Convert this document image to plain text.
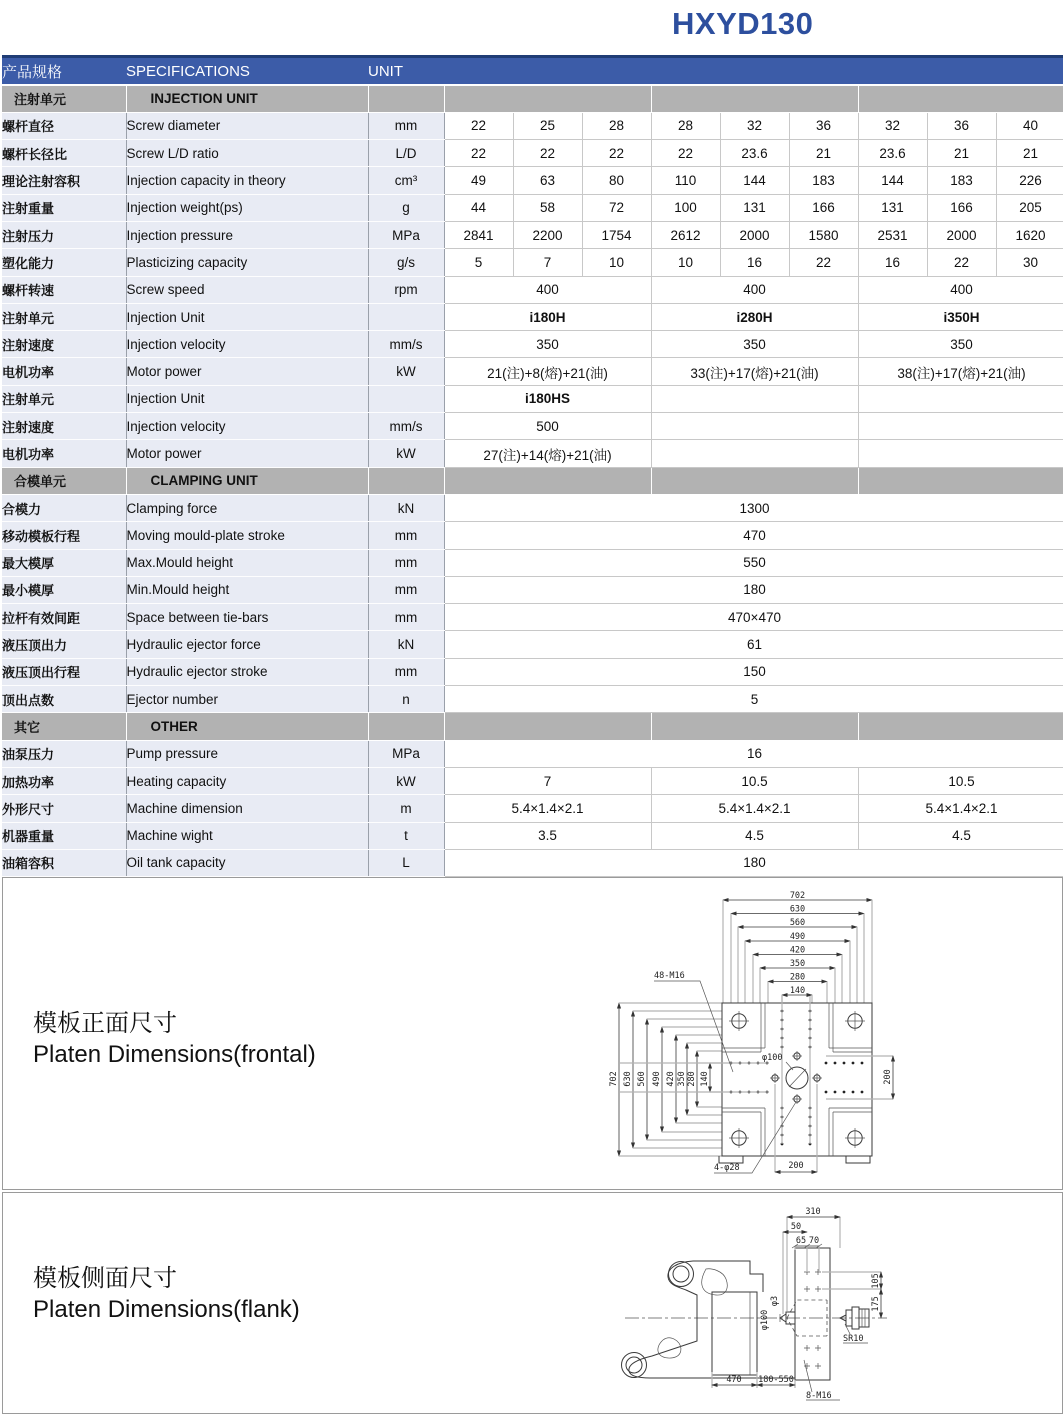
HXYD130
产品规格	SPECIFICATIONS	UNIT									
注射单元	INJECTION UNIT										
螺杆直径	Screw diameter	mm	22	25	28	28	32	36	32	36	40
螺杆长径比	Screw L/D ratio	L/D	22	22	22	22	23.6	21	23.6	21	21
理论注射容积	Injection capacity in theory	cm³	49	63	80	110	144	183	144	183	226
注射重量	Injection weight(ps)	g	44	58	72	100	131	166	131	166	205
注射压力	Injection pressure	MPa	2841	2200	1754	2612	2000	1580	2531	2000	1620
塑化能力	Plasticizing capacity	g/s	5	7	10	10	16	22	16	22	30
螺杆转速	Screw speed	rpm	400			400			400		
注射单元	Injection Unit		i180H			i280H			i350H		
注射速度	Injection velocity	mm/s	350			350			350		
电机功率	Motor power	kW	21(注)+8(熔)+21(油)			33(注)+17(熔)+21(油)			38(注)+17(熔)+21(油)		
注射单元	Injection Unit		i180HS								
注射速度	Injection velocity	mm/s	500								
电机功率	Motor power	kW	27(注)+14(熔)+21(油)								
合模单元	CLAMPING UNIT										
合模力	Clamping force	kN	1300								
移动模板行程	Moving mould-plate stroke	mm	470								
最大模厚	Max.Mould height	mm	550								
最小模厚	Min.Mould height	mm	180								
拉杆有效间距	Space between tie-bars	mm	470×470								
液压顶出力	Hydraulic ejector force	kN	61								
液压顶出行程	Hydraulic ejector stroke	mm	150								
顶出点数	Ejector number	n	5								
其它	OTHER										
油泵压力	Pump pressure	MPa	16								
加热功率	Heating capacity	kW	7			10.5			10.5		
外形尺寸	Machine dimension	m	5.4×1.4×2.1			5.4×1.4×2.1			5.4×1.4×2.1		
机器重量	Machine wight	t	3.5			4.5			4.5		
油箱容积	Oil tank capacity	L	180								
模板正面尺寸
Platen Dimensions(frontal)
702
630
560
490
420
350
280
140
702 630 560 490 420 350 280 140	200
200
48-M16
φ100
4-φ28
模板侧面尺寸
Platen Dimensions(flank)
310
50
65 70
105
175
470 180-550
φ3
φ100
SR10
8-M16
